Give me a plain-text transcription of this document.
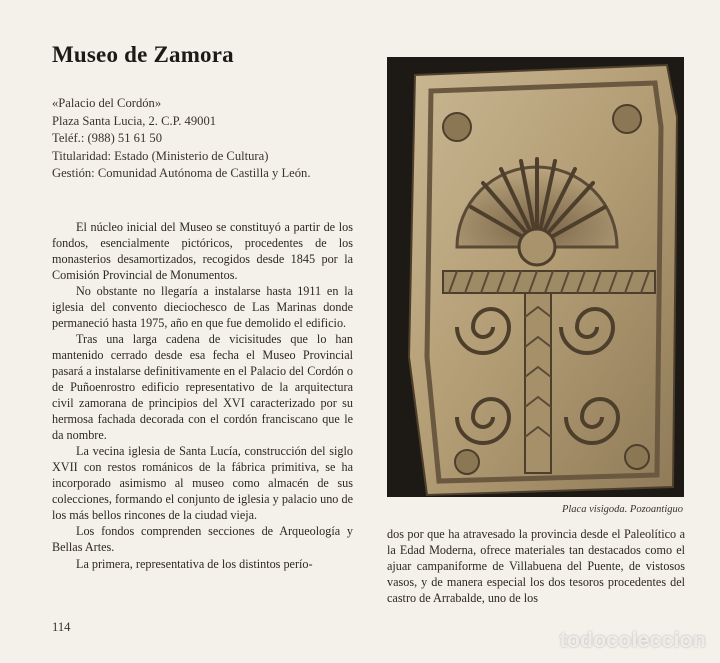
Museo de Zamora
«Palacio del Cordón»
Plaza Santa Lucia, 2. C.P. 49001
Teléf.: (988) 51 61 50
Titularidad: Estado (Ministerio de Cultura)
Gestión: Comunidad Autónoma de Castilla y León.

El núcleo inicial del Museo se constituyó a partir de los fondos, esencialmente pictóricos, procedentes de los monasterios desamortizados, recogidos desde 1845 por la Comisión Provincial de Monumentos.

No obstante no llegaría a instalarse hasta 1911 en la iglesia del convento dieciochesco de Las Marinas donde permaneció hasta 1975, año en que fue demolido el edificio.

Tras una larga cadena de vicisitudes que lo han mantenido cerrado desde esa fecha el Museo Provincial pasará a instalarse definitivamente en el Palacio del Cordón o de Puñoenrostro edificio representativo de la arquitectura civil zamorana de principios del XVI caracterizado por su hermosa fachada decorada con el cordón franciscano que le da nombre.

La vecina iglesia de Santa Lucía, construcción del siglo XVII con restos románicos de la fábrica primitiva, se ha incorporado asimismo al museo como almacén de sus colecciones, formando el conjunto de iglesia y palacio uno de los más bellos rincones de la ciudad vieja.

Los fondos comprenden secciones de Arqueología y Bellas Artes.

La primera, representativa de los distintos perío-

Placa visigoda. Pozoantiguo

dos por que ha atravesado la provincia desde el Paleolítico a la Edad Moderna, ofrece materiales tan destacados como el ajuar campaniforme de Villabuena del Puente, de vistosos vasos, y de manera especial los dos tesoros procedentes del castro de Arrabalde, uno de los

114
todocoleccion
